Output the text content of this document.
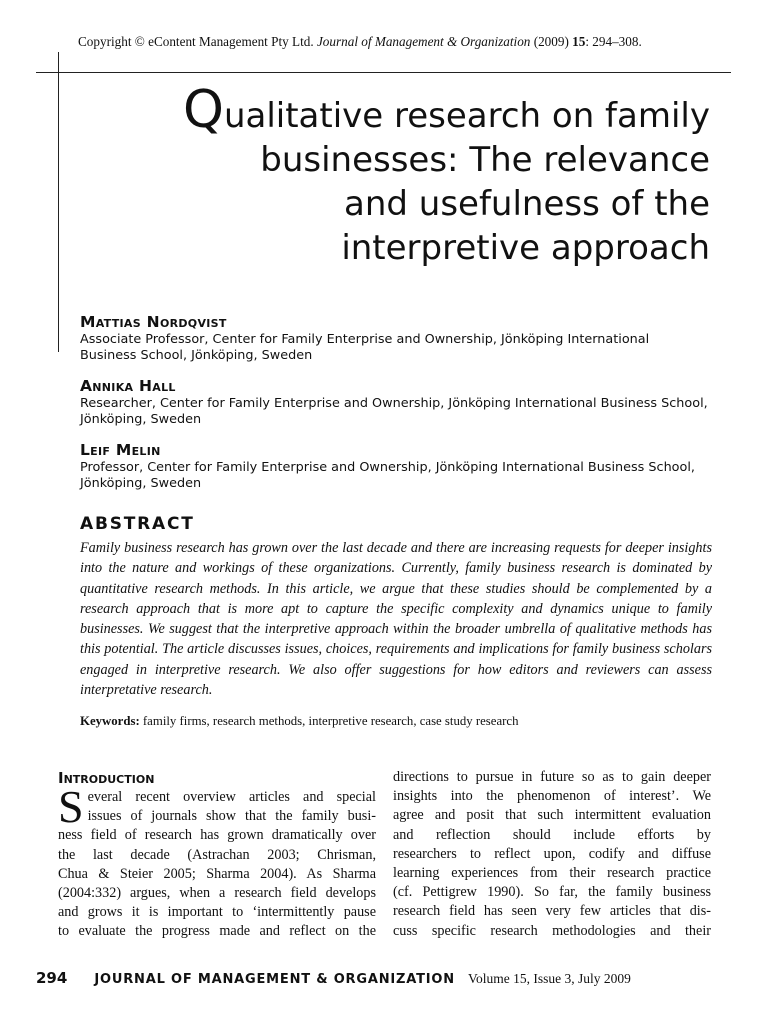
Copyright © eContent Management Pty Ltd. Journal of Management & Organization (2009) 15: 294–308.
Qualitative research on family
businesses: The relevance
and usefulness of the
interpretive approach
Mattias Nordqvist
Associate Professor, Center for Family Enterprise and Ownership, Jönköping International
Business School, Jönköping, Sweden
Annika Hall
Researcher, Center for Family Enterprise and Ownership, Jönköping International Business School,
Jönköping, Sweden
Leif Melin
Professor, Center for Family Enterprise and Ownership, Jönköping International Business School,
Jönköping, Sweden
ABSTRACT
Family business research has grown over the last decade and there are increasing requests for deeper insights into the nature and workings of these organizations. Currently, family business research is dominated by quantitative research methods. In this article, we argue that these studies should be complemented by a research approach that is more apt to capture the specific complexity and dynamics unique to family businesses. We suggest that the interpretive approach within the broader umbrella of qualitative methods has this potential. The article discusses issues, choices, requirements and implications for family business scholars engaged in interpretive research. We also offer suggestions for how editors and reviewers can assess interpretative research.
Keywords: family firms, research methods, interpretive research, case study research
Introduction
S everal recent overview articles and special
issues of journals show that the family busi-
ness field of research has grown dramatically over
the last decade (Astrachan 2003; Chrisman,
Chua & Steier 2005; Sharma 2004). As Sharma
(2004:332) argues, when a research field develops
and grows it is important to ‘intermittently pause
to evaluate the progress made and reflect on the
directions to pursue in future so as to gain deeper
insights into the phenomenon of interest’. We
agree and posit that such intermittent evaluation
and reflection should include efforts by
researchers to reflect upon, codify and diffuse
learning experiences from their research practice
(cf. Pettigrew 1990). So far, the family business
research field has seen very few articles that dis-
cuss specific research methodologies and their
294 JOURNAL OF MANAGEMENT & ORGANIZATION Volume 15, Issue 3, July 2009
